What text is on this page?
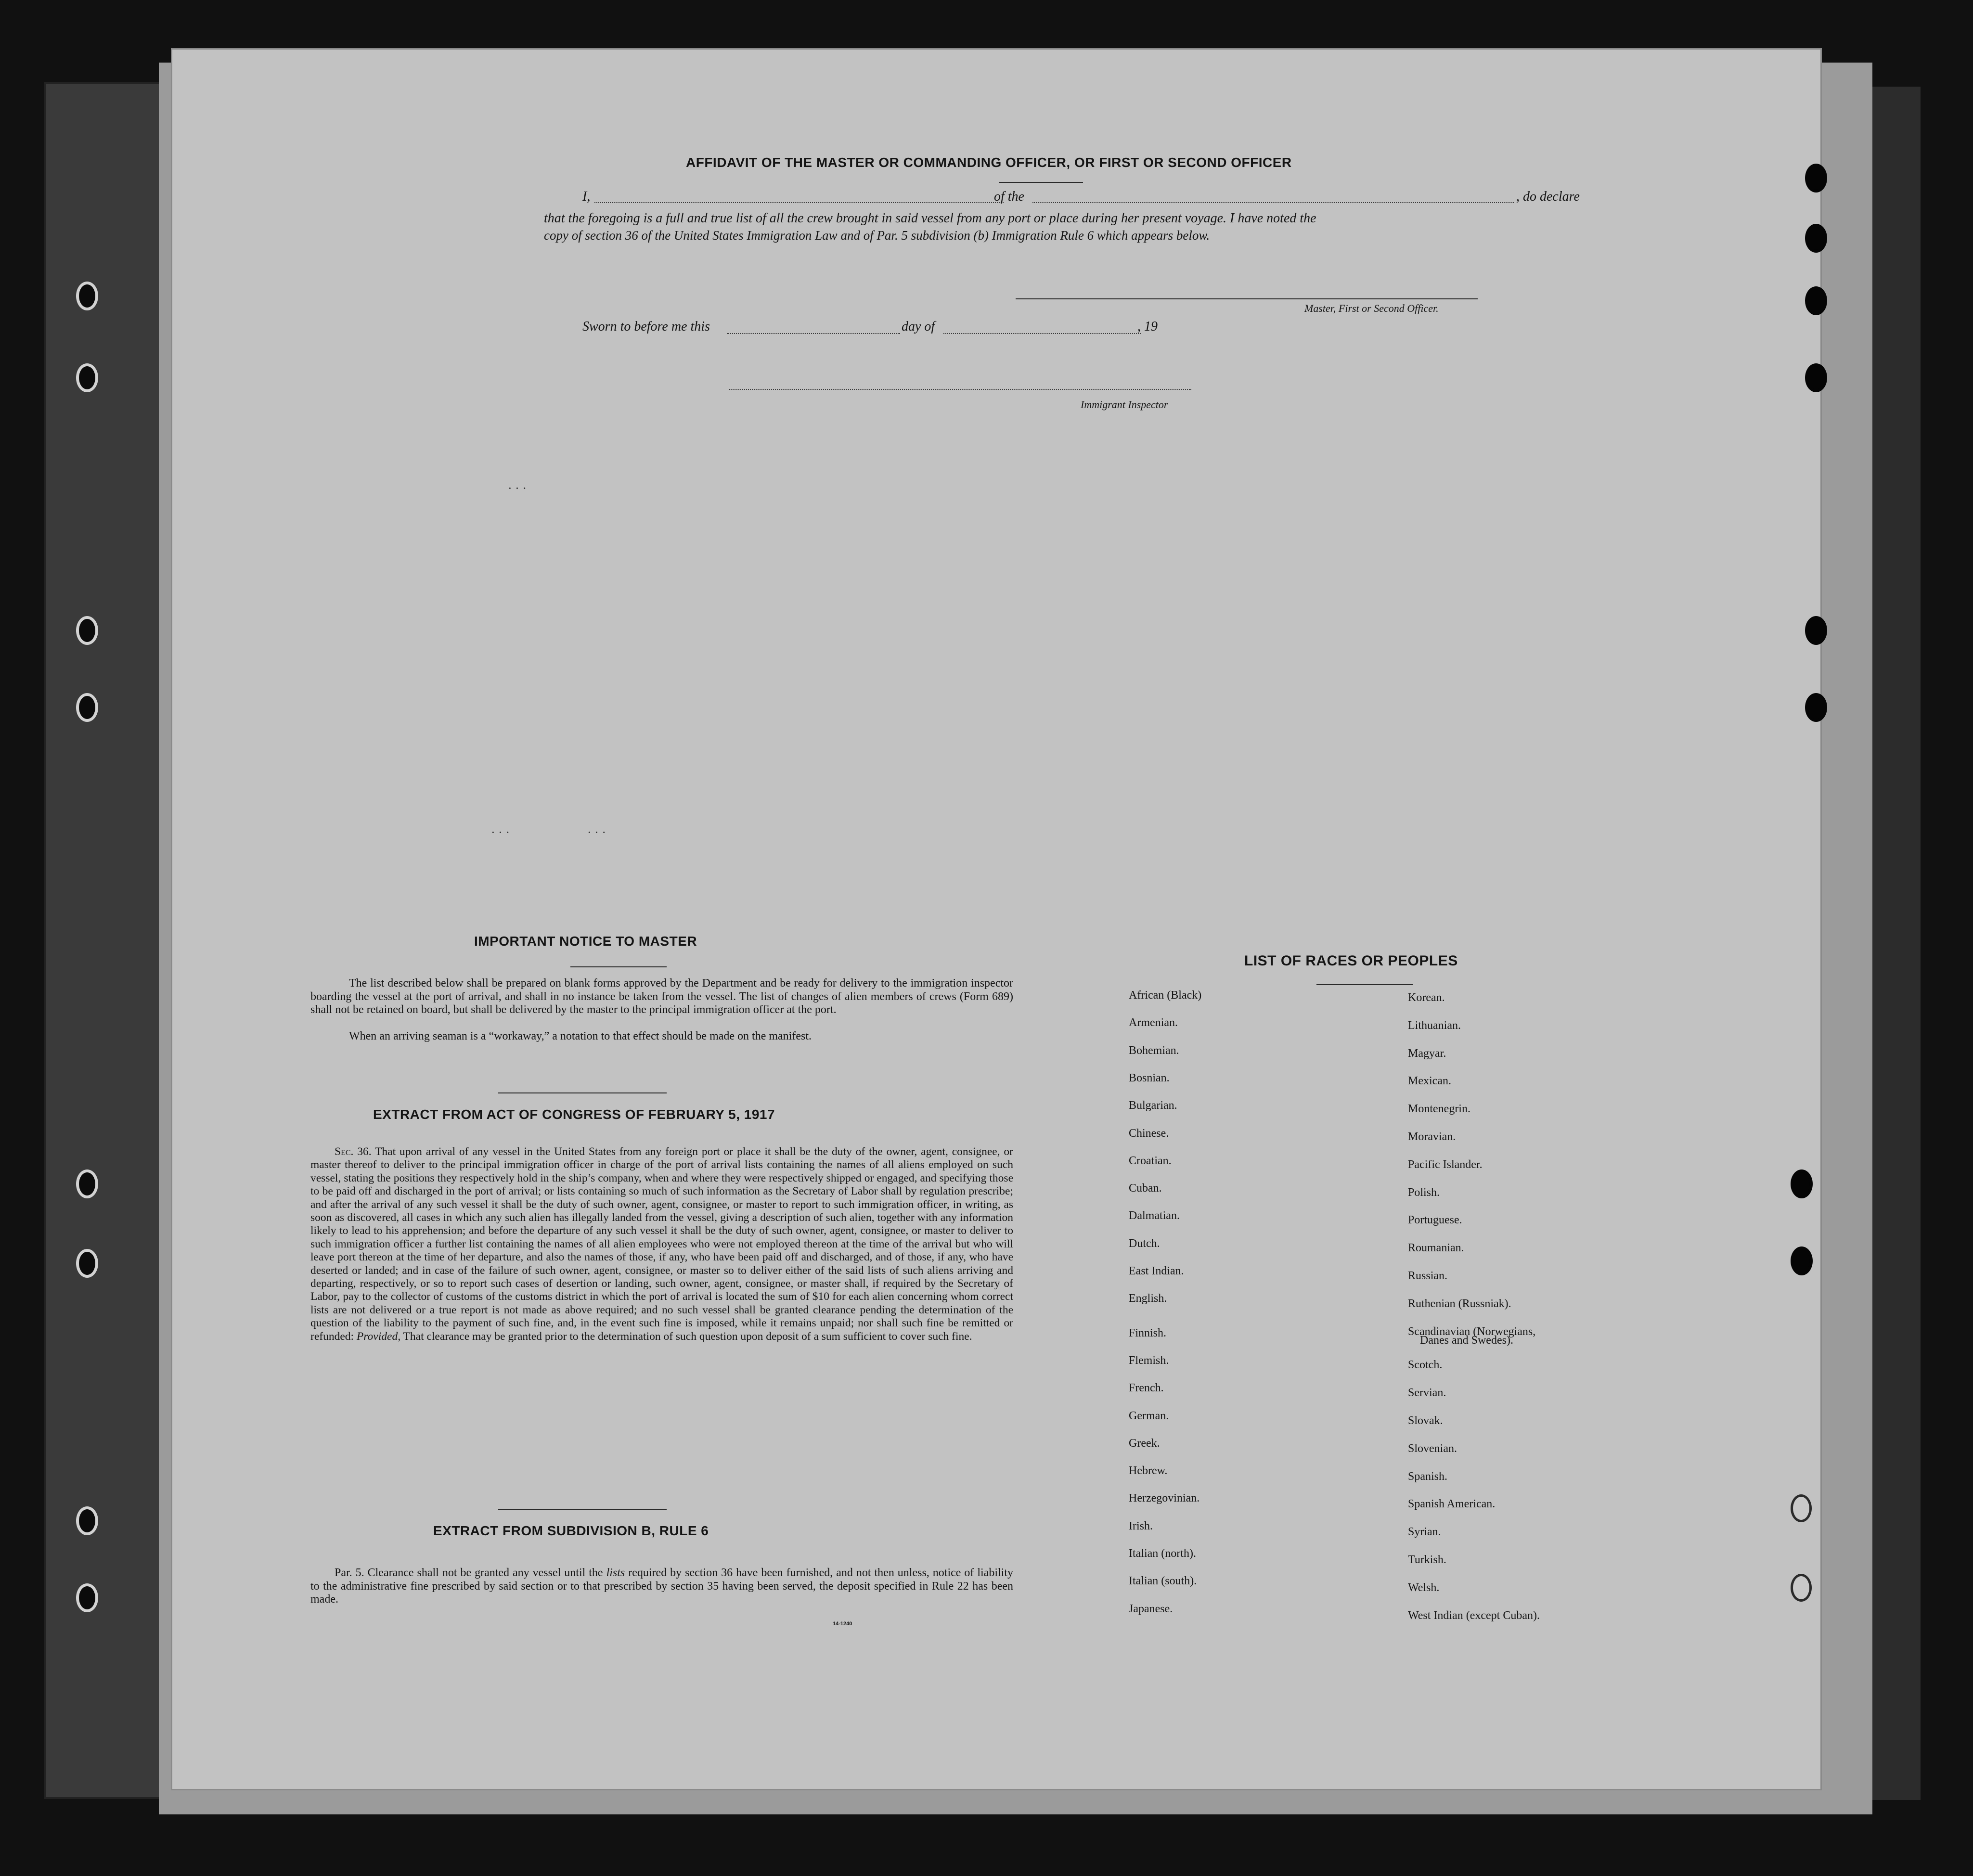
AFFIDAVIT OF THE MASTER OR COMMANDING OFFICER, OR FIRST OR SECOND OFFICER
I,	of the	, do declare
that the foregoing is a full and true list of all the crew brought in said vessel from any port or place during her present voyage. I have noted the
copy of section 36 of the United States Immigration Law and of Par. 5 subdivision (b) Immigration Rule 6 which appears below.
Master, First or Second Officer.
Sworn to before me this	day of	, 19
Immigrant Inspector
IMPORTANT NOTICE TO MASTER
The list described below shall be prepared on blank forms approved by the Department and be ready for delivery to the immigration inspector boarding the vessel at the port of arrival, and shall in no instance be taken from the vessel. The list of changes of alien members of crews (Form 689) shall not be retained on board, but shall be delivered by the master to the principal immigration officer at the port.
When an arriving seaman is a “workaway,” a notation to that effect should be made on the manifest.
EXTRACT FROM ACT OF CONGRESS OF FEBRUARY 5, 1917
Sec. 36. That upon arrival of any vessel in the United States from any foreign port or place it shall be the duty of the owner, agent, consignee, or master thereof to deliver to the principal immigration officer in charge of the port of arrival lists containing the names of all aliens employed on such vessel, stating the positions they respectively hold in the ship’s company, when and where they were respectively shipped or engaged, and specifying those to be paid off and discharged in the port of arrival; or lists containing so much of such information as the Secretary of Labor shall by regulation prescribe; and after the arrival of any such vessel it shall be the duty of such owner, agent, consignee, or master to report to such immigration officer, in writing, as soon as discovered, all cases in which any such alien has illegally landed from the vessel, giving a description of such alien, together with any information likely to lead to his apprehension; and before the departure of any such vessel it shall be the duty of such owner, agent, consignee, or master to deliver to such immigration officer a further list containing the names of all alien employees who were not employed thereon at the time of the arrival but who will leave port thereon at the time of her departure, and also the names of those, if any, who have been paid off and discharged, and of those, if any, who have deserted or landed; and in case of the failure of such owner, agent, consignee, or master so to deliver either of the said lists of such aliens arriving and departing, respectively, or so to report such cases of desertion or landing, such owner, agent, consignee, or master shall, if required by the Secretary of Labor, pay to the collector of customs of the customs district in which the port of arrival is located the sum of $10 for each alien concerning whom correct lists are not delivered or a true report is not made as above required; and no such vessel shall be granted clearance pending the determination of the question of the liability to the payment of such fine, and, in the event such fine is imposed, while it remains unpaid; nor shall such fine be remitted or refunded: Provided, That clearance may be granted prior to the determination of such question upon deposit of a sum sufficient to cover such fine.
EXTRACT FROM SUBDIVISION B, RULE 6
Par. 5. Clearance shall not be granted any vessel until the lists required by section 36 have been furnished, and not then unless, notice of liability to the administrative fine prescribed by said section or to that prescribed by section 35 having been served, the deposit specified in Rule 22 has been made.
14-1240
LIST OF RACES OR PEOPLES
African (Black)
Armenian.
Bohemian.
Bosnian.
Bulgarian.
Chinese.
Croatian.
Cuban.
Dalmatian.
Dutch.
East Indian.
English.
Finnish.
Flemish.
French.
German.
Greek.
Hebrew.
Herzegovinian.
Irish.
Italian (north).
Italian (south).
Japanese.
Korean.
Lithuanian.
Magyar.
Mexican.
Montenegrin.
Moravian.
Pacific Islander.
Polish.
Portuguese.
Roumanian.
Russian.
Ruthenian (Russniak).
Scandinavian (Norwegians,
Scotch.
Servian.
Slovak.
Slovenian.
Spanish.
Spanish American.
Syrian.
Turkish.
Welsh.
West Indian (except Cuban).
Danes and Swedes).
· · ·
· · ·	· · ·
